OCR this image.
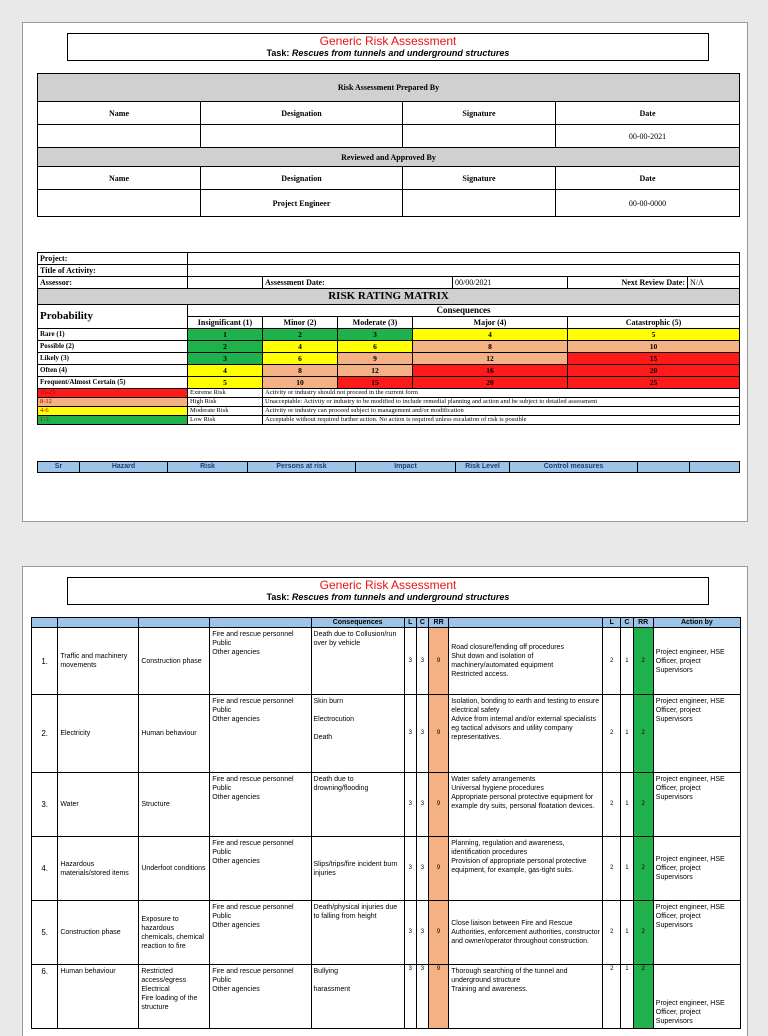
Generic Risk Assessment
Task: Rescues from tunnels and underground structures
Risk Assessment Prepared By			
Name	Designation	Signature	Date
			00-00-2021
Reviewed and Approved By			
Name	Designation	Signature	Date
	Project Engineer		00-00-0000
Project:							
Title of Activity:							
Assessor:		Assessment Date:			00/00/2021	Next Review Date:	N/A
RISK RATING MATRIX							
Probability	Consequences						
	Insignificant (1)	Minor (2)	Moderate (3)	Major (4)		Catastrophic (5)	
Rare (1)	1	2	3	4		5	
Possible (2)	2	4	6	8		10	
Likely (3)	3	6	9	12		15	
Often (4)	4	8	12	16		20	
Frequent/Almost Certain (5)	5	10	15	20		25	
15-25	Extreme Risk	Activity or industry should not proceed in the current form					
8-12	High Risk	Unacceptable: Activity or industry to be modified to include remedial planning and action and be subject to detailed assessment					
4-6	Moderate Risk	Activity or industry can proceed subject to management and/or modification					
1-3	Low Risk	Acceptable without required further action. No action is required unless escalation of risk is possible					
Sr	Hazard	Risk	Persons at risk	Impact	Risk Level	Control measures		
Generic Risk Assessment
Task: Rescues from tunnels and underground structures
				Consequences	L	C	RR		L	C	RR	Action by
1.	Traffic and machinery movements	Construction phase	Fire and rescue personnel
Public
Other agencies	Death due to Collusion/run over by vehicle	3	3	9	Road closure/fending off procedures
Shut down and isolation of machinery/automated equipment
Restricted access.	2	1	2	Project engineer, HSE Officer, project Supervisors
2.	Electricity	Human behaviour	Fire and rescue personnel
Public
Other agencies	Skin burn

Electrocution

Death	3	3	9	Isolation, bonding to earth and testing to ensure electrical safety
Advice from internal and/or external specialists
eg tactical advisors and utility company
representatives.	2	1	2	Project engineer, HSE Officer, project Supervisors
3.	Water	Structure	Fire and rescue personnel
Public
Other agencies	Death due to drowning/flooding	3	3	9	Water safety arrangements
Universal hygiene procedures
Appropriate personal protective equipment for example dry suits, personal floatation devices.	2	1	2	Project engineer, HSE Officer, project Supervisors
4.	Hazardous materials/stored items	Underfoot conditions	Fire and rescue personnel
Public
Other agencies	Slips/trips/fire incident burn injuries	3	3	9	Planning, regulation and awareness, identification procedures
Provision of appropriate personal protective equipment, for example, gas-tight suits.	2	1	2	Project engineer, HSE Officer, project Supervisors
5.	Construction phase	Exposure to hazardous chemicals, chemical reaction to fire	Fire and rescue personnel
Public
Other agencies	Death/physical injuries due to falling from height	3	3	9	Close liaison between Fire and Rescue Authorities, enforcement authorities, constructor and owner/operator throughout construction.	2	1	2	Project engineer, HSE Officer, project Supervisors
6.	Human behaviour	Restricted access/egress
Electrical
Fire loading of the structure	Fire and rescue personnel
Public
Other agencies	Bullying

harassment	3	3	9	Thorough searching of the tunnel and underground structure
Training and awareness.	2	1	2	Project engineer, HSE Officer, project Supervisors
